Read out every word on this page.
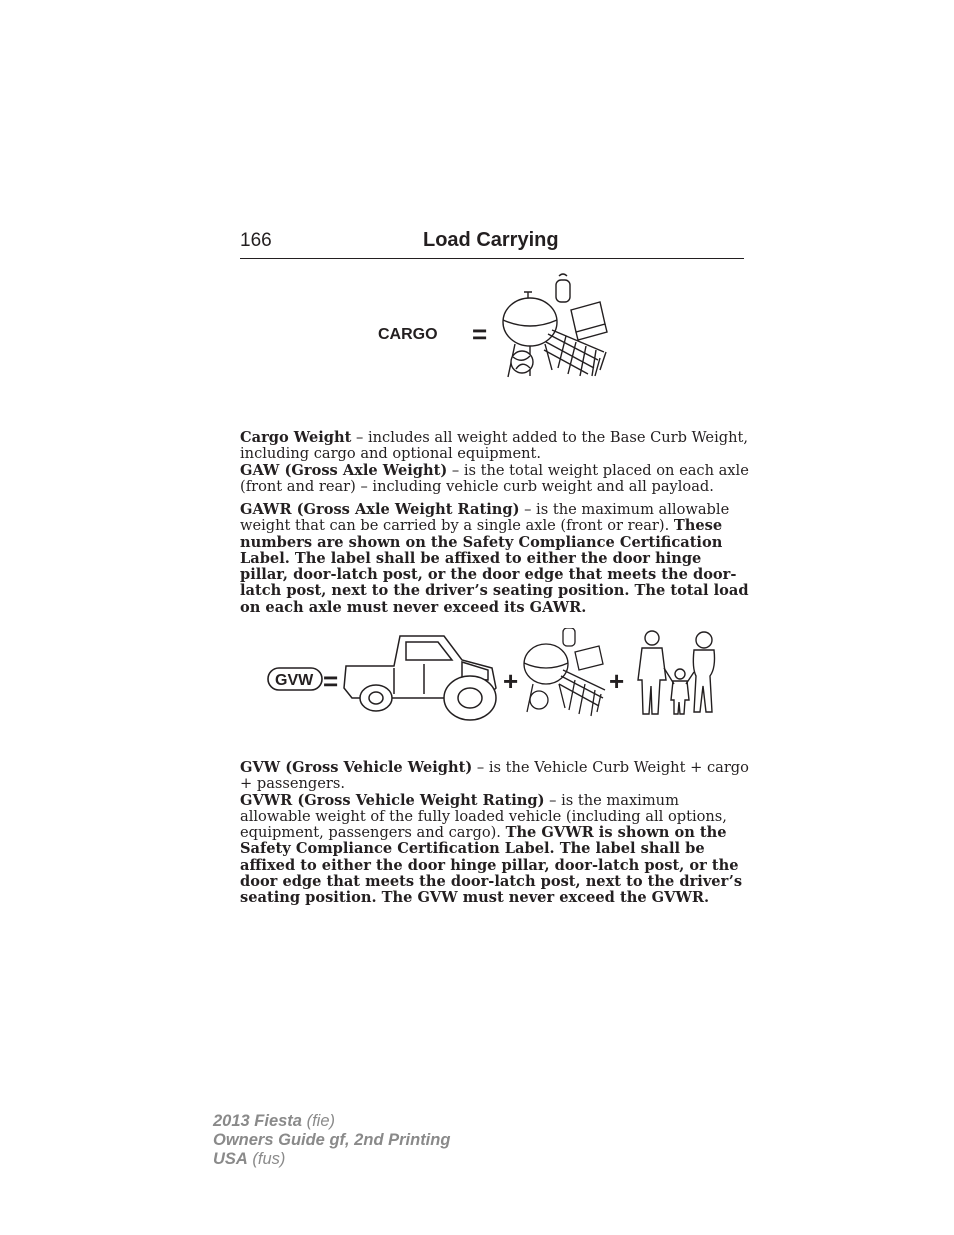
166	Load Carrying
CARGO =

Cargo Weight – includes all weight added to the Base Curb Weight, including cargo and optional equipment.

GAW (Gross Axle Weight) – is the total weight placed on each axle (front and rear) – including vehicle curb weight and all payload.

GAWR (Gross Axle Weight Rating) – is the maximum allowable weight that can be carried by a single axle (front or rear). These numbers are shown on the Safety Compliance Certification Label. The label shall be affixed to either the door hinge pillar, door-latch post, or the door edge that meets the door-latch post, next to the driver’s seating position. The total load on each axle must never exceed its GAWR.

GVW =	+	+

GVW (Gross Vehicle Weight) – is the Vehicle Curb Weight + cargo + passengers.

GVWR (Gross Vehicle Weight Rating) – is the maximum allowable weight of the fully loaded vehicle (including all options, equipment, passengers and cargo). The GVWR is shown on the Safety Compliance Certification Label. The label shall be affixed to either the door hinge pillar, door-latch post, or the door edge that meets the door-latch post, next to the driver’s seating position. The GVW must never exceed the GVWR.

2013 Fiesta (fie)
Owners Guide gf, 2nd Printing
USA (fus)
